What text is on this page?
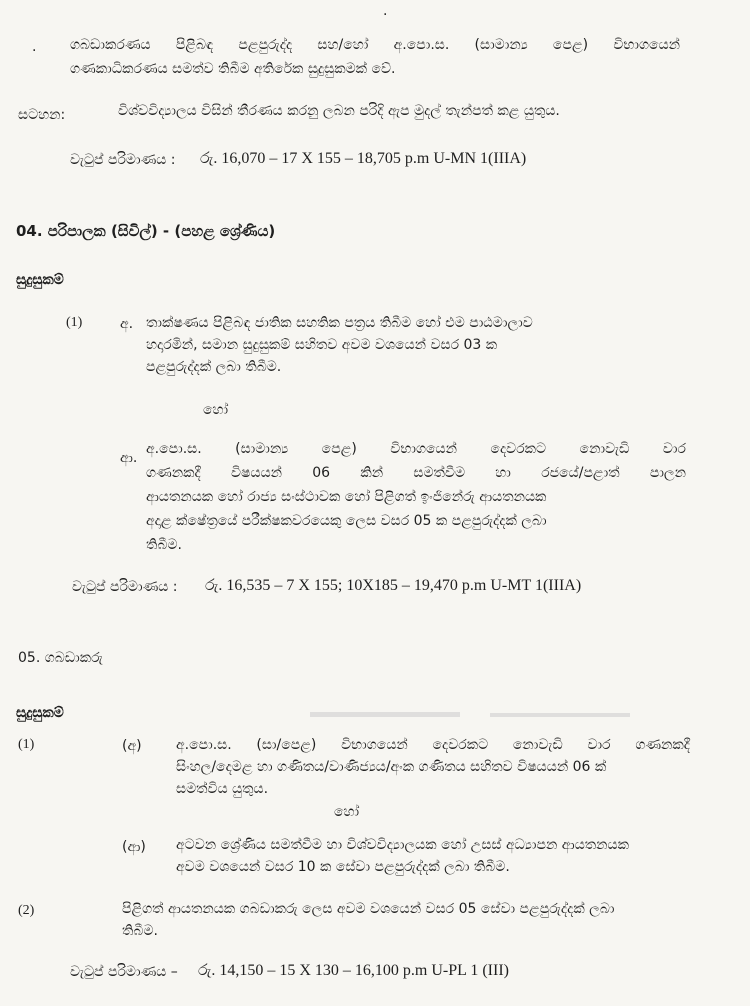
·
. ගබඩාකරණය පිළිබඳ පළපුරුද්ද සහ/හෝ අ.පො.ස. (සාමාන්‍ය පෙළ) විභාගයෙන්
ගණකාධිකරණය සමත්ව තිබීම අතිරේක සුදුසුකමක් වේ.
සටහන:	විශ්වවිද්‍යාලය විසින් තීරණය කරනු ලබන පරිදි ඇප මුදල් තැන්පත් කළ යුතුය.
වැටුප් පරිමාණය : රු. 16,070 – 17 X 155 – 18,705 p.m U-MN 1(IIIA)
04. පරිපාලක (සිවිල්) - (පහළ ශ්‍රේණිය)
සුදුසුකම්
(1)	අ. තාක්ෂණය පිළිබඳ ජාතික සහතික පත්‍රය තිබීම හෝ එම පාඨමාලාව
හදාරමින්, සමාන සුදුසුකම් සහිතව අවම වශයෙන් වසර 03 ක
පළපුරුද්දක් ලබා තිබීම.
හෝ
ආ.
අ.පො.ස. (සාමාන්‍ය පෙළ) විභාගයෙන් දෙවරකට නොවැඩි වාර
ගණනකදී විෂයයන් 06 කින් සමත්වීම හා රජයේ/පළාත් පාලන
ආයතනයක හෝ රාජ්‍ය සංස්ථාවක හෝ පිළිගත් ඉංජිනේරු ආයතනයක
අදාළ ක්ෂේත්‍රයේ පරීක්ෂකවරයෙකු ලෙස වසර 05 ක පළපුරුද්දක් ලබා
තිබීම.
වැටුප් පරිමාණය : රු. 16,535 – 7 X 155; 10X185 – 19,470 p.m U-MT 1(IIIA)
05. ගබඩාකරු
සුදුසුකම්
(1)	(අ) අ.පො.ස. (සා/පෙළ) විභාගයෙන් දෙවරකට නොවැඩි වාර ගණනකදී
සිංහල/දෙමළ හා ගණිතය/වාණිජ්‍යය/අංක ගණිතය සහිතව විෂයයන් 06 ක්
සමත්විය යුතුය.
හෝ
(ආ) අටවන ශ්‍රේණිය සමත්වීම හා විශ්වවිද්‍යාලයක හෝ උසස් අධ්‍යාපන ආයතනයක
අවම වශයෙන් වසර 10 ක සේවා පළපුරුද්දක් ලබා තිබීම.
(2)	පිළිගත් ආයතනයක ගබඩාකරු ලෙස අවම වශයෙන් වසර 05 සේවා පළපුරුද්දක් ලබා
තිබීම.
වැටුප් පරිමාණය – රු. 14,150 – 15 X 130 – 16,100 p.m U-PL 1 (III)
